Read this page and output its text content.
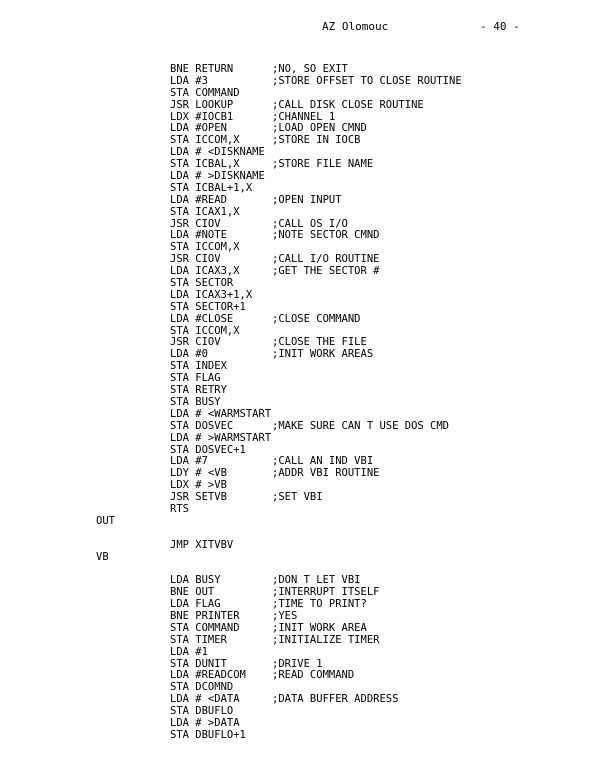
AZ Olomouc	- 40 -
BNE RETURN	;NO, SO EXIT
LDA #3	;STORE OFFSET TO CLOSE ROUTINE
STA COMMAND
JSR LOOKUP	;CALL DISK CLOSE ROUTINE
LDX #IOCB1	;CHANNEL 1
LDA #OPEN	;LOAD OPEN CMND
STA ICCOM,X	;STORE IN IOCB
LDA # <DISKNAME
STA ICBAL,X	;STORE FILE NAME
LDA # >DISKNAME
STA ICBAL+1,X
LDA #READ	;OPEN INPUT
STA ICAX1,X
JSR CIOV	;CALL OS I/O
LDA #NOTE	;NOTE SECTOR CMND
STA ICCOM,X
JSR CIOV	;CALL I/O ROUTINE
LDA ICAX3,X	;GET THE SECTOR #
STA SECTOR
LDA ICAX3+1,X
STA SECTOR+1
LDA #CLOSE	;CLOSE COMMAND
STA ICCOM,X
JSR CIOV	;CLOSE THE FILE
LDA #0	;INIT WORK AREAS
STA INDEX
STA FLAG
STA RETRY
STA BUSY
LDA # <WARMSTART
STA DOSVEC	;MAKE SURE CAN T USE DOS CMD
LDA # >WARMSTART
STA DOSVEC+1
LDA #7	;CALL AN IND VBI
LDY # <VB	;ADDR VBI ROUTINE
LDX # >VB
JSR SETVB	;SET VBI
RTS
OUT
JMP XITVBV
VB
LDA BUSY	;DON T LET VBI
BNE OUT	;INTERRUPT ITSELF
LDA FLAG	;TIME TO PRINT?
BNE PRINTER	;YES
STA COMMAND	;INIT WORK AREA
STA TIMER	;INITIALIZE TIMER
LDA #1
STA DUNIT	;DRIVE 1
LDA #READCOM ;READ COMMAND
STA DCOMND
LDA # <DATA	;DATA BUFFER ADDRESS
STA DBUFLO
LDA # >DATA
STA DBUFLO+1
